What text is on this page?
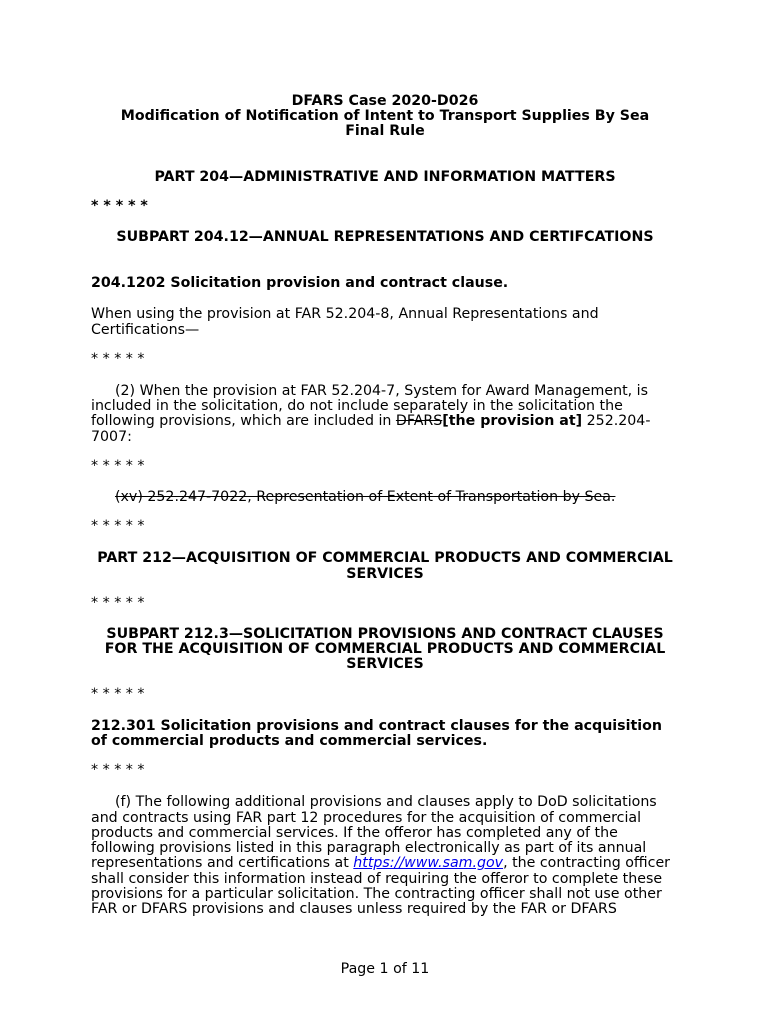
DFARS Case 2020-D026

Modification of Notification of Intent to Transport Supplies By Sea

Final Rule

PART 204—ADMINISTRATIVE AND INFORMATION MATTERS

* * * * *

SUBPART 204.12—ANNUAL REPRESENTATIONS AND CERTIFCATIONS

204.1202 Solicitation provision and contract clause.

When using the provision at FAR 52.204-8, Annual Representations and Certifications—

* * * * *

(2) When the provision at FAR 52.204-7, System for Award Management, is included in the solicitation, do not include separately in the solicitation the following provisions, which are included in DFARS[the provision at] 252.204-7007:

* * * * *

(xv) 252.247-7022, Representation of Extent of Transportation by Sea.

* * * * *

PART 212—ACQUISITION OF COMMERCIAL PRODUCTS AND COMMERCIAL SERVICES

* * * * *

SUBPART 212.3—SOLICITATION PROVISIONS AND CONTRACT CLAUSES FOR THE ACQUISITION OF COMMERCIAL PRODUCTS AND COMMERCIAL SERVICES

* * * * *

212.301 Solicitation provisions and contract clauses for the acquisition of commercial products and commercial services.

* * * * *

(f) The following additional provisions and clauses apply to DoD solicitations and contracts using FAR part 12 procedures for the acquisition of commercial products and commercial services. If the offeror has completed any of the following provisions listed in this paragraph electronically as part of its annual representations and certifications at https://www.sam.gov, the contracting officer shall consider this information instead of requiring the offeror to complete these provisions for a particular solicitation. The contracting officer shall not use other FAR or DFARS provisions and clauses unless required by the FAR or DFARS

Page 1 of 11
